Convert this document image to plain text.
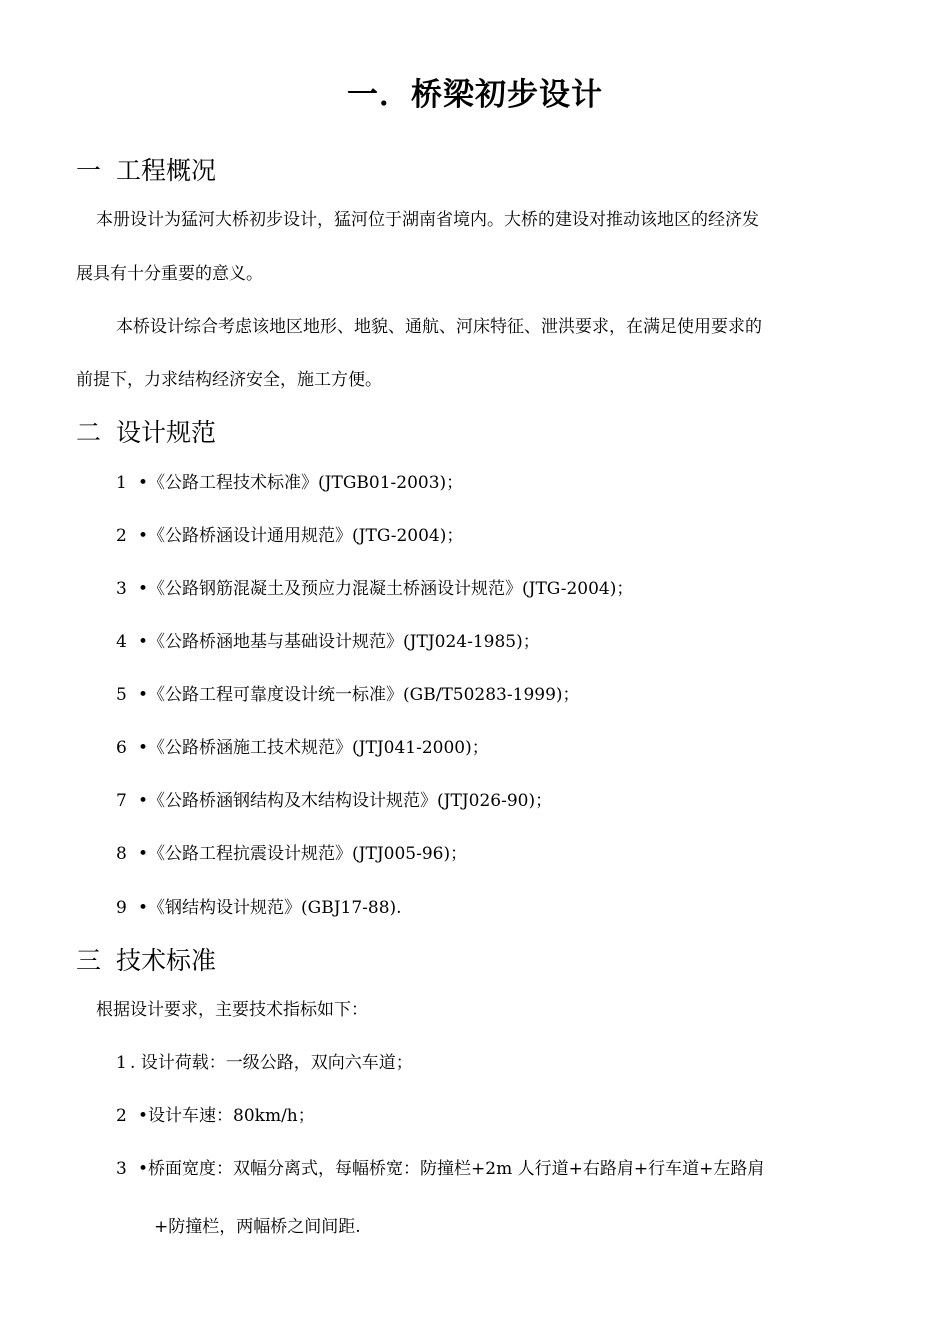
一．桥梁初步设计
一 工程概况
本册设计为猛河大桥初步设计，猛河位于湖南省境内。大桥的建设对推动该地区的经济发
展具有十分重要的意义。
本桥设计综合考虑该地区地形、地貌、通航、河床特征、泄洪要求，在满足使用要求的
前提下，力求结构经济安全，施工方便。
二 设计规范
1 •《公路工程技术标准》(JTGB01-2003)；
2 •《公路桥涵设计通用规范》(JTG-2004)；
3 •《公路钢筋混凝土及预应力混凝土桥涵设计规范》(JTG-2004)；
4 •《公路桥涵地基与基础设计规范》(JTJ024-1985)；
5 •《公路工程可靠度设计统一标准》(GB/T50283-1999)；
6 •《公路桥涵施工技术规范》(JTJ041-2000)；
7 •《公路桥涵钢结构及木结构设计规范》(JTJ026-90)；
8 •《公路工程抗震设计规范》(JTJ005-96)；
9 •《钢结构设计规范》(GBJ17-88).
三 技术标准
根据设计要求，主要技术指标如下：
1 . 设计荷载：一级公路，双向六车道；
2 •设计车速：80km/h；
3 •桥面宽度：双幅分离式，每幅桥宽：防撞栏+2m 人行道+右路肩+行车道+左路肩
+防撞栏，两幅桥之间间距.
